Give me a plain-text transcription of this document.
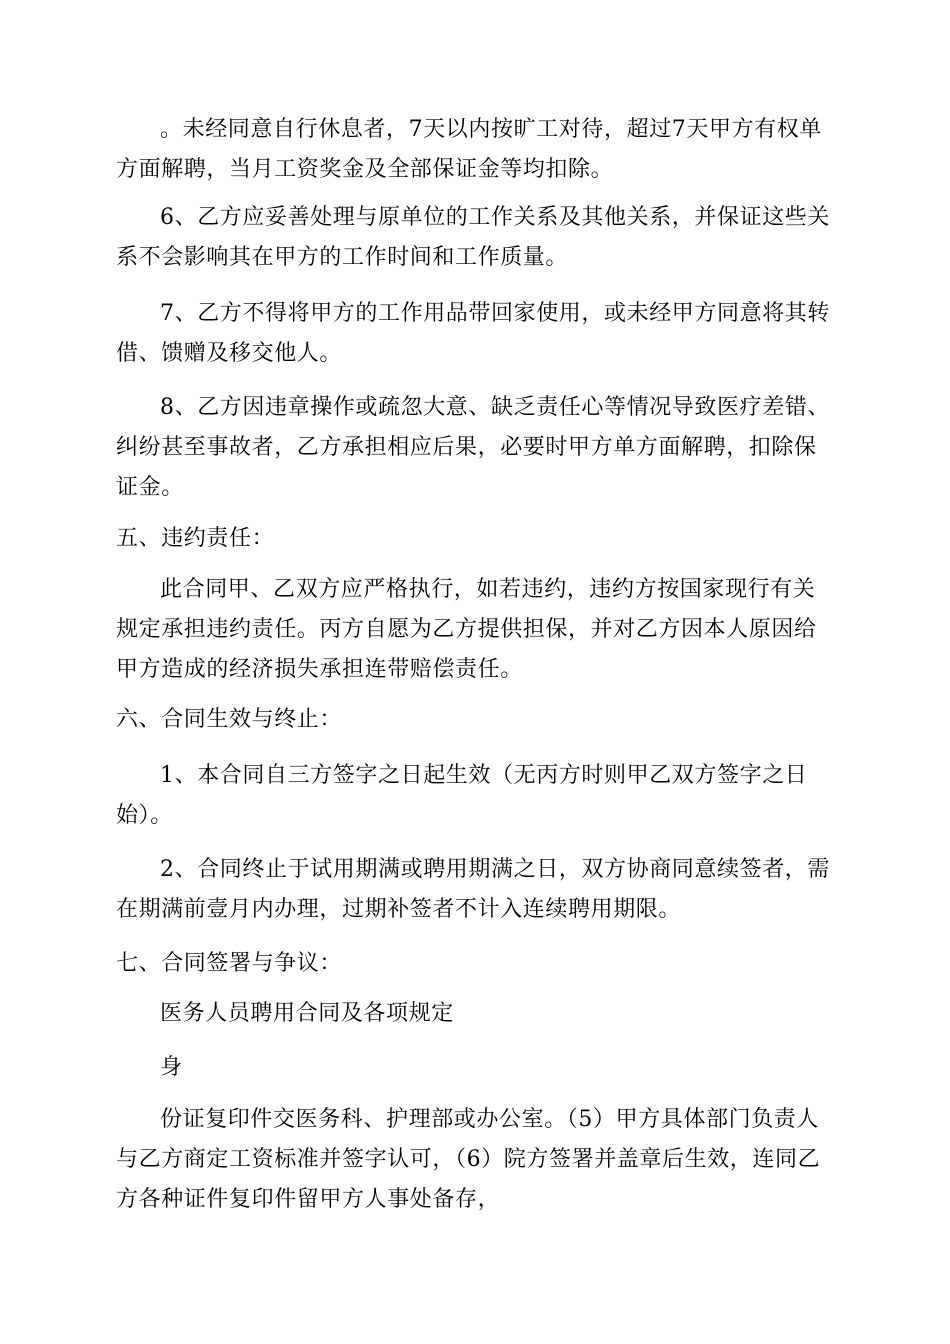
。未经同意自行休息者，7天以内按旷工对待，超过7天甲方有权单方面解聘，当月工资奖金及全部保证金等均扣除。

6、乙方应妥善处理与原单位的工作关系及其他关系，并保证这些关系不会影响其在甲方的工作时间和工作质量。

7、乙方不得将甲方的工作用品带回家使用，或未经甲方同意将其转借、馈赠及移交他人。

8、乙方因违章操作或疏忽大意、缺乏责任心等情况导致医疗差错、纠纷甚至事故者，乙方承担相应后果，必要时甲方单方面解聘，扣除保证金。

五、违约责任：

此合同甲、乙双方应严格执行，如若违约，违约方按国家现行有关规定承担违约责任。丙方自愿为乙方提供担保，并对乙方因本人原因给甲方造成的经济损失承担连带赔偿责任。

六、合同生效与终止：

1、本合同自三方签字之日起生效（无丙方时则甲乙双方签字之日始）。

2、合同终止于试用期满或聘用期满之日，双方协商同意续签者，需在期满前壹月内办理，过期补签者不计入连续聘用期限。

七、合同签署与争议：

医务人员聘用合同及各项规定

身

份证复印件交医务科、护理部或办公室。（5）甲方具体部门负责人与乙方商定工资标准并签字认可，（6）院方签署并盖章后生效，连同乙方各种证件复印件留甲方人事处备存，
